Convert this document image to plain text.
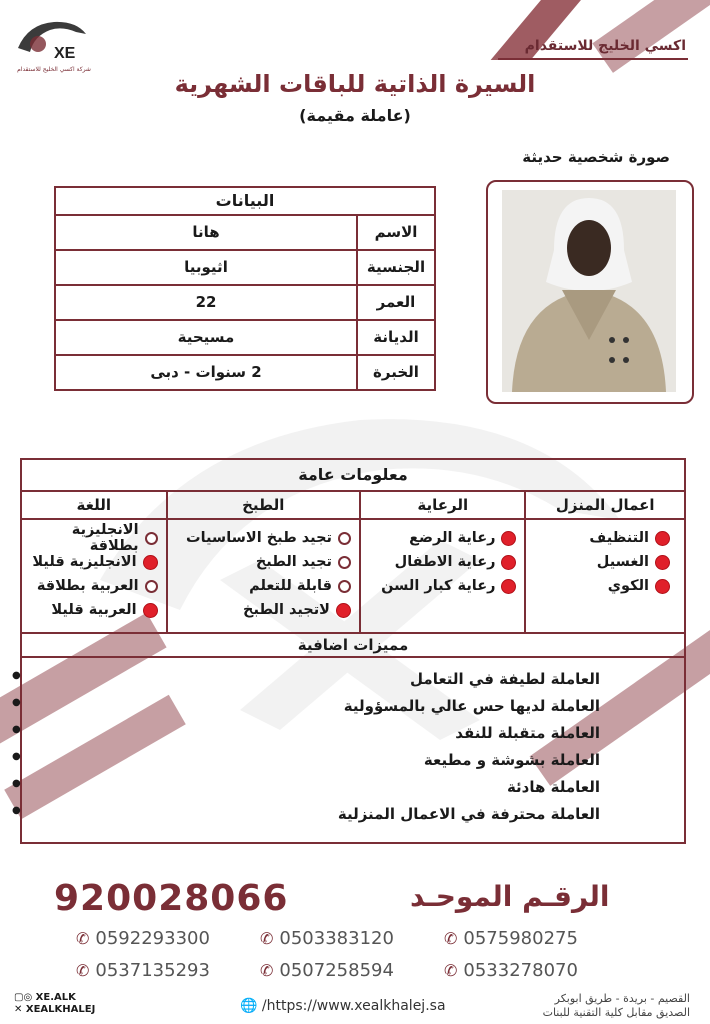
XE
شركة اكسي الخليج للاستقدام
اكسي الخليج للاستقدام
السيرة الذاتية للباقات الشهرية
(عاملة مقيمة)
صورة شخصية حديثة
البيانات
الاسم
هانا
الجنسية
اثيوبيا
العمر
22
الديانة
مسيحية
الخبرة
2 سنوات - دبى
معلومات عامة
اعمال المنزل
التنظيف
الغسيل
الكوي
الرعاية
رعاية الرضع
رعاية الاطفال
رعاية كبار السن
الطبخ
تجيد طبخ الاساسيات
تجيد الطبخ
قابلة للتعلم
لاتجيد الطبخ
اللغة
الانجليزية بطلاقة
الانجليزية قليلا
العربية بطلاقة
العربية قليلا
مميزات اضافية
العاملة لطيفة في التعامل ●
العاملة لديها حس عالي بالمسؤولية ●
العاملة متقبلة للنقد ●
العاملة بشوشة و مطيعة ●
العاملة هادئة ●
العاملة محترفة في الاعمال المنزلية ●
الرقـم الموحـد
920028066
✆ 0575980275
✆ 0503383120
✆ 0592293300
✆ 0533278070
✆ 0507258594
✆ 0537135293
▢◎ XE.ALK
✕ XEALKHALEJ	🌐 /https://www.xealkhalej.sa	القصيم - بريدة - طريق ابوبكر
الصديق مقابل كلية التقنية للبنات
